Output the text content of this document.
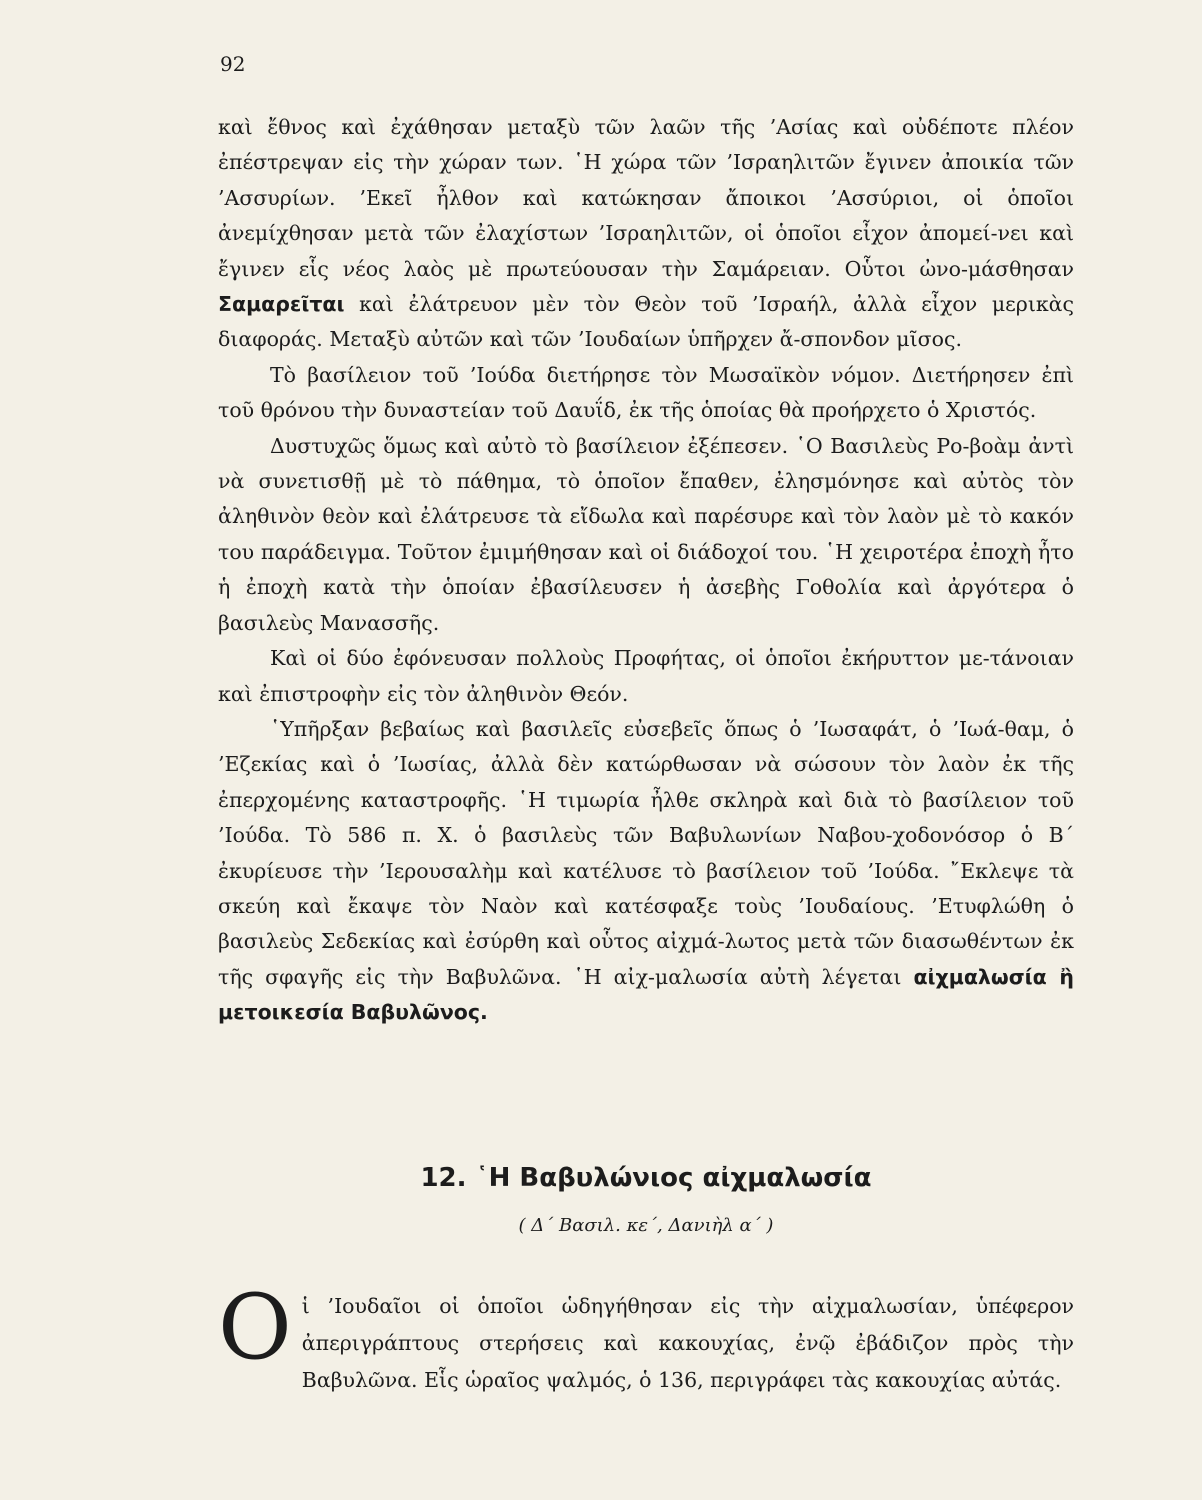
92

καὶ ἔθνος καὶ ἐχάθησαν μεταξὺ τῶν λαῶν τῆς ’Ασίας καὶ οὐδέποτε πλέον ἐπέστρεψαν εἰς τὴν χώραν των. ῾Η χώρα τῶν ’Ισραηλιτῶν ἔγινεν ἀποικία τῶν ’Ασσυρίων. ’Εκεῖ ἦλθον καὶ κατώκησαν ἄποικοι ’Ασσύριοι, οἱ ὁποῖοι ἀνεμίχθησαν μετὰ τῶν ἐλαχίστων ’Ισραηλιτῶν, οἱ ὁποῖοι εἶχον ἀπομεί-νει καὶ ἔγινεν εἷς νέος λαὸς μὲ πρωτεύουσαν τὴν Σαμάρειαν. Οὗτοι ὠνο-μάσθησαν Σαμαρεῖται καὶ ἐλάτρευον μὲν τὸν Θεὸν τοῦ ’Ισραήλ, ἀλλὰ εἶχον μερικὰς διαφοράς. Μεταξὺ αὐτῶν καὶ τῶν ’Ιουδαίων ὑπῆρχεν ἄ-σπονδον μῖσος.

Τὸ βασίλειον τοῦ ’Ιούδα διετήρησε τὸν Μωσαϊκὸν νόμον. Διετήρησεν ἐπὶ τοῦ θρόνου τὴν δυναστείαν τοῦ Δαυΐδ, ἐκ τῆς ὁποίας θὰ προήρχετο ὁ Χριστός.

Δυστυχῶς ὅμως καὶ αὐτὸ τὸ βασίλειον ἐξέπεσεν. ῾Ο Βασιλεὺς Ρο-βοὰμ ἀντὶ νὰ συνετισθῇ μὲ τὸ πάθημα, τὸ ὁποῖον ἔπαθεν, ἐλησμόνησε καὶ αὐτὸς τὸν ἀληθινὸν θεὸν καὶ ἐλάτρευσε τὰ εἴδωλα καὶ παρέσυρε καὶ τὸν λαὸν μὲ τὸ κακόν του παράδειγμα. Τοῦτον ἐμιμήθησαν καὶ οἱ διάδοχοί του. ῾Η χειροτέρα ἐποχὴ ἦτο ἡ ἐποχὴ κατὰ τὴν ὁποίαν ἐβασίλευσεν ἡ ἀσεβὴς Γοθολία καὶ ἀργότερα ὁ βασιλεὺς Μανασσῆς.

Καὶ οἱ δύο ἐφόνευσαν πολλοὺς Προφήτας, οἱ ὁποῖοι ἐκήρυττον με-τάνοιαν καὶ ἐπιστροφὴν εἰς τὸν ἀληθινὸν Θεόν.

῾Υπῆρξαν βεβαίως καὶ βασιλεῖς εὐσεβεῖς ὅπως ὁ ’Ιωσαφάτ, ὁ ’Ιωά-θαμ, ὁ ’Εζεκίας καὶ ὁ ’Ιωσίας, ἀλλὰ δὲν κατώρθωσαν νὰ σώσουν τὸν λαὸν ἐκ τῆς ἐπερχομένης καταστροφῆς. ῾Η τιμωρία ἦλθε σκληρὰ καὶ διὰ τὸ βασίλειον τοῦ ’Ιούδα. Τὸ 586 π. Χ. ὁ βασιλεὺς τῶν Βαβυλωνίων Ναβου-χοδονόσορ ὁ Β΄ ἐκυρίευσε τὴν ’Ιερουσαλὴμ καὶ κατέλυσε τὸ βασίλειον τοῦ ’Ιούδα. ῎Εκλεψε τὰ σκεύη καὶ ἔκαψε τὸν Ναὸν καὶ κατέσφαξε τοὺς ’Ιουδαίους. ’Ετυφλώθη ὁ βασιλεὺς Σεδεκίας καὶ ἐσύρθη καὶ οὗτος αἰχμά-λωτος μετὰ τῶν διασωθέντων ἐκ τῆς σφαγῆς εἰς τὴν Βαβυλῶνα. ῾Η αἰχ-μαλωσία αὐτὴ λέγεται αἰχμαλωσία ἢ μετοικεσία Βαβυλῶνος.

12. ῾Η Βαβυλώνιος αἰχμαλωσία
( Δ΄ Βασιλ. κε΄, Δανιὴλ α΄ )

Οἱ ’Ιουδαῖοι οἱ ὁποῖοι ὡδηγήθησαν εἰς τὴν αἰχμαλωσίαν, ὑπέφερον ἀπεριγράπτους στερήσεις καὶ κακουχίας, ἐνῷ ἐβάδιζον πρὸς τὴν Βαβυλῶνα. Εἷς ὡραῖος ψαλμός, ὁ 136, περιγράφει τὰς κακουχίας αὐτάς.
